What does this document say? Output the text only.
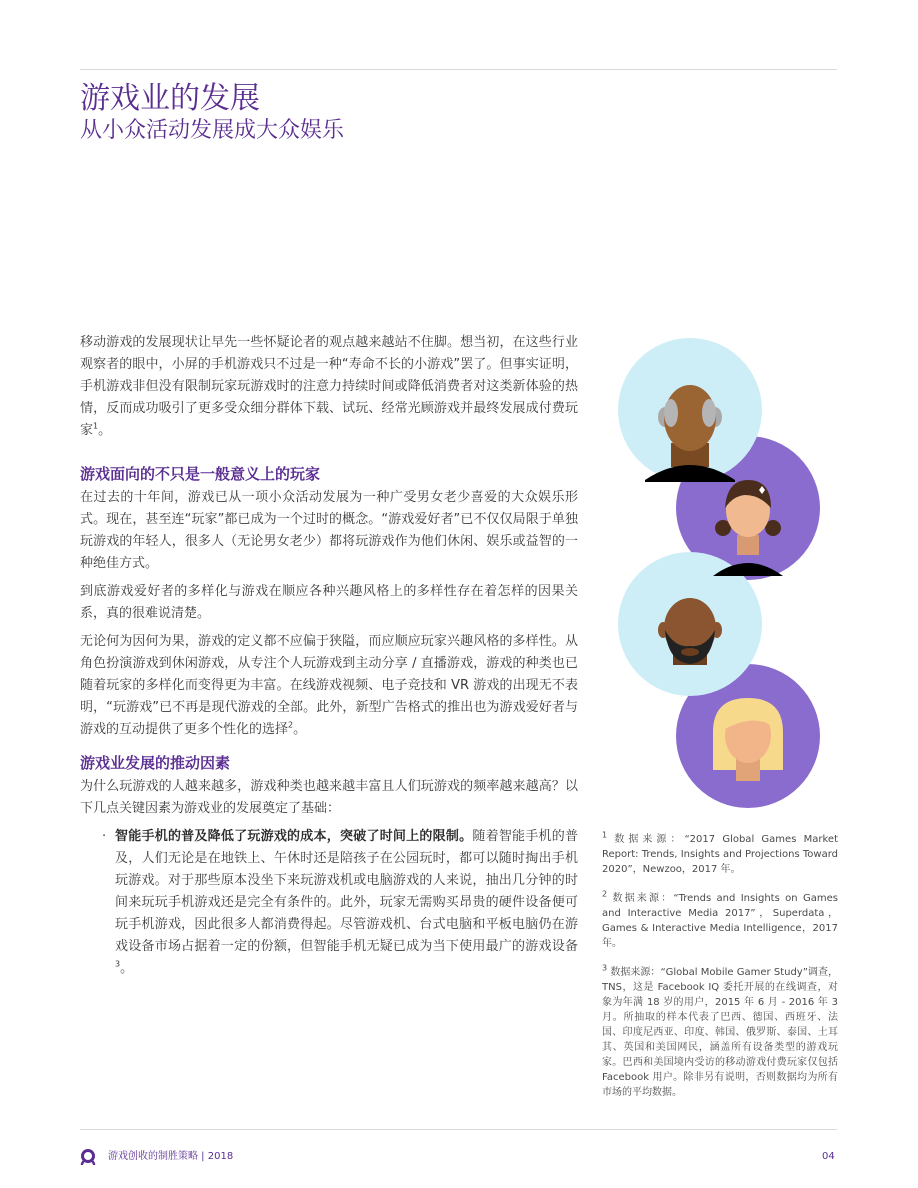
游戏业的发展
从小众活动发展成大众娱乐

移动游戏的发展现状让早先一些怀疑论者的观点越来越站不住脚。想当初，在这些行业观察者的眼中，小屏的手机游戏只不过是一种“寿命不长的小游戏”罢了。但事实证明，手机游戏非但没有限制玩家玩游戏时的注意力持续时间或降低消费者对这类新体验的热情，反而成功吸引了更多受众细分群体下载、试玩、经常光顾游戏并最终发展成付费玩家$^1$。

游戏面向的不只是一般意义上的玩家

在过去的十年间，游戏已从一项小众活动发展为一种广受男女老少喜爱的大众娱乐形式。现在，甚至连“玩家”都已成为一个过时的概念。“游戏爱好者”已不仅仅局限于单独玩游戏的年轻人，很多人（无论男女老少）都将玩游戏作为他们休闲、娱乐或益智的一种绝佳方式。

到底游戏爱好者的多样化与游戏在顺应各种兴趣风格上的多样性存在着怎样的因果关系，真的很难说清楚。

无论何为因何为果，游戏的定义都不应偏于狭隘，而应顺应玩家兴趣风格的多样性。从角色扮演游戏到休闲游戏，从专注个人玩游戏到主动分享 / 直播游戏，游戏的种类也已随着玩家的多样化而变得更为丰富。在线游戏视频、电子竞技和 VR 游戏的出现无不表明，“玩游戏”已不再是现代游戏的全部。此外，新型广告格式的推出也为游戏爱好者与游戏的互动提供了更多个性化的选择$^2$。

游戏业发展的推动因素

为什么玩游戏的人越来越多，游戏种类也越来越丰富且人们玩游戏的频率越来越高？以下几点关键因素为游戏业的发展奠定了基础：

· 智能手机的普及降低了玩游戏的成本，突破了时间上的限制。随着智能手机的普及，人们无论是在地铁上、午休时还是陪孩子在公园玩时，都可以随时掏出手机玩游戏。对于那些原本没坐下来玩游戏机或电脑游戏的人来说，抽出几分钟的时间来玩玩手机游戏还是完全有条件的。此外，玩家无需购买昂贵的硬件设备便可玩手机游戏，因此很多人都消费得起。尽管游戏机、台式电脑和平板电脑仍在游戏设备市场占据着一定的份额，但智能手机无疑已成为当下使用最广的游戏设备$^3$。

$^1$ 数据来源：“2017 Global Games Market Report: Trends, Insights and Projections Toward 2020”，Newzoo，2017 年。

$^2$ 数据来源：“Trends and Insights on Games and Interactive Media 2017”，Superdata，Games & Interactive Media Intelligence，2017 年。

$^3$ 数据来源：“Global Mobile Gamer Study”调查，TNS，这是 Facebook IQ 委托开展的在线调查，对象为年满 18 岁的用户，2015 年 6 月 - 2016 年 3 月。所抽取的样本代表了巴西、德国、西班牙、法国、印度尼西亚、印度、韩国、俄罗斯、泰国、土耳其、英国和美国网民，涵盖所有设备类型的游戏玩家。巴西和美国境内受访的移动游戏付费玩家仅包括 Facebook 用户。除非另有说明，否则数据均为所有市场的平均数据。

游戏创收的制胜策略 | 2018	04
